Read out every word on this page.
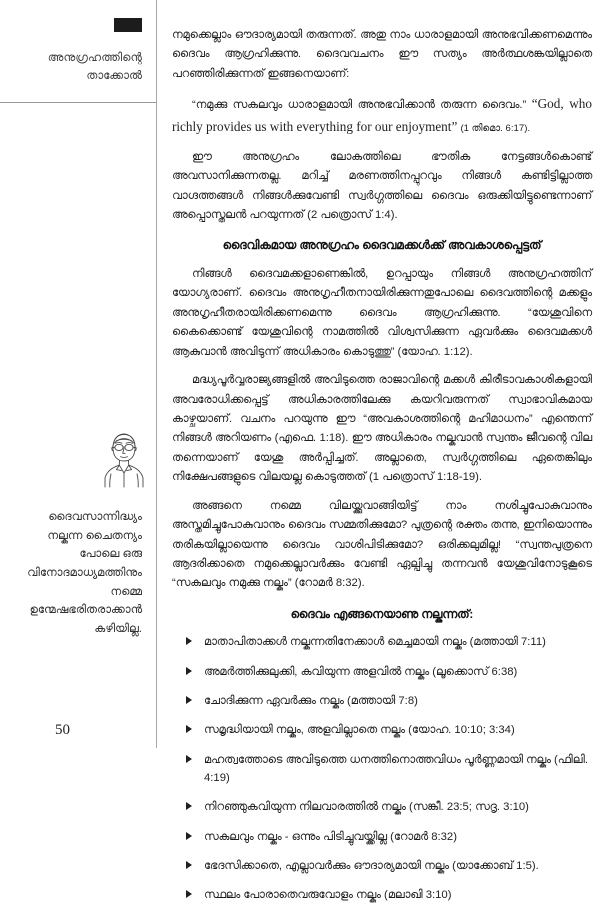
അനുഗ്രഹത്തിന്റെ താക്കോൽ
ദൈവസാന്നിദ്ധ്യം നല്കുന്ന ചൈതന്യം പോലെ ഒരു വിനോദമാധ്യമത്തിനും നമ്മെ ഉന്മേഷഭരിതരാക്കാൻ കഴിയില്ല.
50

നമുക്കെല്ലാം ഔദാര്യമായി തരുന്നത്. അതു നാം ധാരാളമായി അനുഭവിക്കണമെന്നും ദൈവം ആഗ്രഹിക്കുന്നു. ദൈവവചനം ഈ സത്യം അർത്ഥശങ്കയില്ലാതെ പറഞ്ഞിരിക്കുന്നത് ഇങ്ങനെയാണ്:

“നമുക്കു സകലവും ധാരാളമായി അനുഭവിക്കാൻ തരുന്ന ദൈവം.” “God, who richly provides us with everything for our enjoyment” (1 തിമൊ. 6:17).

ഈ അനുഗ്രഹം ലോകത്തിലെ ഭൗതിക നേട്ടങ്ങൾകൊണ്ട് അവസാനിക്കുന്നതല്ല. മറിച്ച് മരണത്തിനപ്പുറവും നിങ്ങൾ കണ്ടിട്ടില്ലാത്ത വാഗ്ദത്തങ്ങൾ നിങ്ങൾക്കുവേണ്ടി സ്വർഗ്ഗത്തിലെ ദൈവം ഒരുക്കിയിട്ടുണ്ടെന്നാണ് അപ്പൊസ്തലൻ പറയുന്നത് (2 പത്രൊസ് 1:4).

ദൈവികമായ അനുഗ്രഹം ദൈവമക്കൾക്ക് അവകാശപ്പെട്ടത്

നിങ്ങൾ ദൈവമക്കളാണെങ്കിൽ, ഉറപ്പായും നിങ്ങൾ അനുഗ്രഹത്തിന് യോഗ്യരാണ്. ദൈവം അനുഗൃഹീതനായിരിക്കുന്നതുപോലെ ദൈവത്തിന്റെ മക്കളും അനുഗൃഹീതരായിരിക്കണമെന്നു ദൈവം ആഗ്രഹിക്കുന്നു. “യേശുവിനെ കൈക്കൊണ്ട് യേശുവിന്റെ നാമത്തിൽ വിശ്വസിക്കുന്ന ഏവർക്കും ദൈവമക്കൾ ആകുവാൻ അവിടുന്ന് അധികാരം കൊടുത്തു” (യോഹ. 1:12).

മദ്ധ്യപൂർവ്വരാജ്യങ്ങളിൽ അവിടുത്തെ രാജാവിന്റെ മക്കൾ കിരീടാവകാശികളായി അവരോധിക്കപ്പെട്ട് അധികാരത്തിലേക്കു കയറിവരുന്നത് സ്വാഭാവികമായ കാഴ്ചയാണ്. വചനം പറയുന്നു ഈ “അവകാശത്തിന്റെ മഹിമാധനം” എന്തെന്ന് നിങ്ങൾ അറിയണം (എഫെ. 1:18). ഈ അധികാരം നല്കുവാൻ സ്വന്തം ജീവന്റെ വില തന്നെയാണ് യേശു അർപ്പിച്ചത്. അല്ലാതെ, സ്വർഗ്ഗത്തിലെ ഏതെങ്കിലും നിക്ഷേപങ്ങളുടെ വിലയല്ല കൊടുത്തത് (1 പത്രൊസ് 1:18-19).

അങ്ങനെ നമ്മെ വിലയ്ക്കുവാങ്ങിയിട്ട് നാം നശിച്ചുപോകുവാനും അസ്തമിച്ചുപോകുവാനും ദൈവം സമ്മതിക്കുമോ? പുത്രന്റെ രക്തം തന്നു, ഇനിയൊന്നും തരികയില്ലായെന്നു ദൈവം വാശിപിടിക്കുമോ? ഒരിക്കലുമില്ല! “സ്വന്തപുത്രനെ ആദരിക്കാതെ നമുക്കെല്ലാവർക്കും വേണ്ടി ഏല്പിച്ചു തന്നവൻ യേശുവിനോടുകൂടെ “സകലവും നമുക്കു നല്കും” (റോമർ 8:32).

ദൈവം എങ്ങനെയാണു നല്കുന്നത്:
മാതാപിതാക്കൾ നല്കുന്നതിനേക്കാൾ മെച്ചമായി നല്കും (മത്തായി 7:11)
അമർത്തിക്കുലുക്കി, കവിയുന്ന അളവിൽ നല്കും (ലൂക്കൊസ് 6:38)
ചോദിക്കുന്ന ഏവർക്കും നല്കും (മത്തായി 7:8)
സമൃദ്ധിയായി നല്കും, അളവില്ലാതെ നല്കും (യോഹ. 10:10; 3:34)
മഹത്വത്തോടെ അവിടുത്തെ ധനത്തിനൊത്തവിധം പൂർണ്ണമായി നല്കും (ഫിലി. 4:19)
നിറഞ്ഞുകവിയുന്ന നിലവാരത്തിൽ നല്കും (സങ്കീ. 23:5; സദൃ. 3:10)
സകലവും നല്കും - ഒന്നും പിടിച്ചുവയ്ക്കില്ല (റോമർ 8:32)
ഭേദസിക്കാതെ, എല്ലാവർക്കും ഔദാര്യമായി നല്കും (യാക്കോബ് 1:5).
സ്ഥലം പോരാതെവരുവോളം നല്കും (മലാഖി 3:10)
